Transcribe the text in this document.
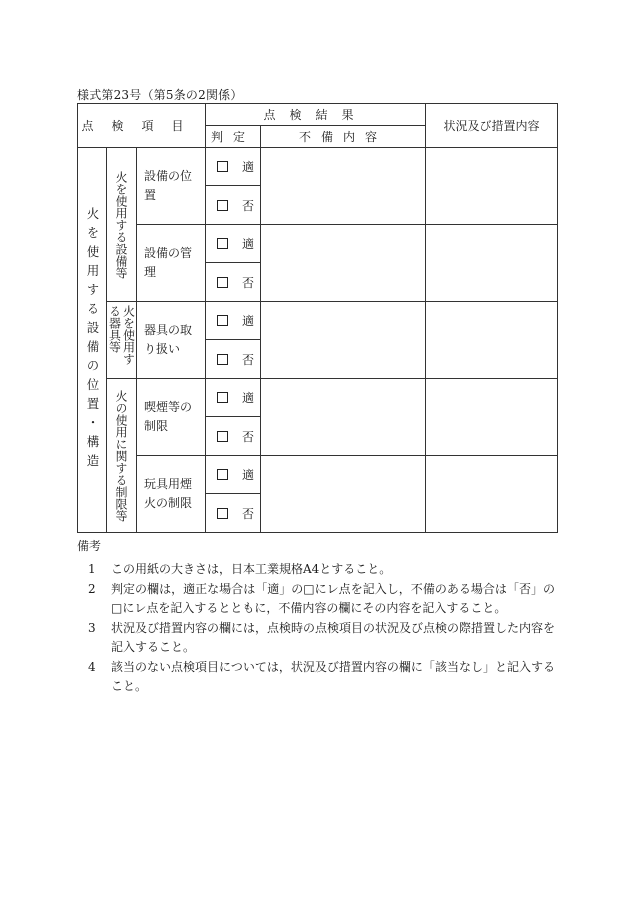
様式第23号（第5条の2関係）
点検項目			点検結果		状況及び措置内容
			判定	不備内容	

火を使用する設備の位置・構造	火を使用する設備等	設備の位置	適		
			否		
		設備の管理	適		
			否		

	火を使用する器具等	器具の取り扱い	適		
			否		

	火の使用に関する制限等	喫煙等の制限	適		
			否		
		玩具用煙火の制限	適		
			否		
備考
1	この用紙の大きさは，日本工業規格A4とすること。
2	判定の欄は，適正な場合は「適」の□にレ点を記入し，不備のある場合は「否」の□にレ点を記入するとともに，不備内容の欄にその内容を記入すること。
3	状況及び措置内容の欄には，点検時の点検項目の状況及び点検の際措置した内容を記入すること。
4	該当のない点検項目については，状況及び措置内容の欄に「該当なし」と記入すること。
